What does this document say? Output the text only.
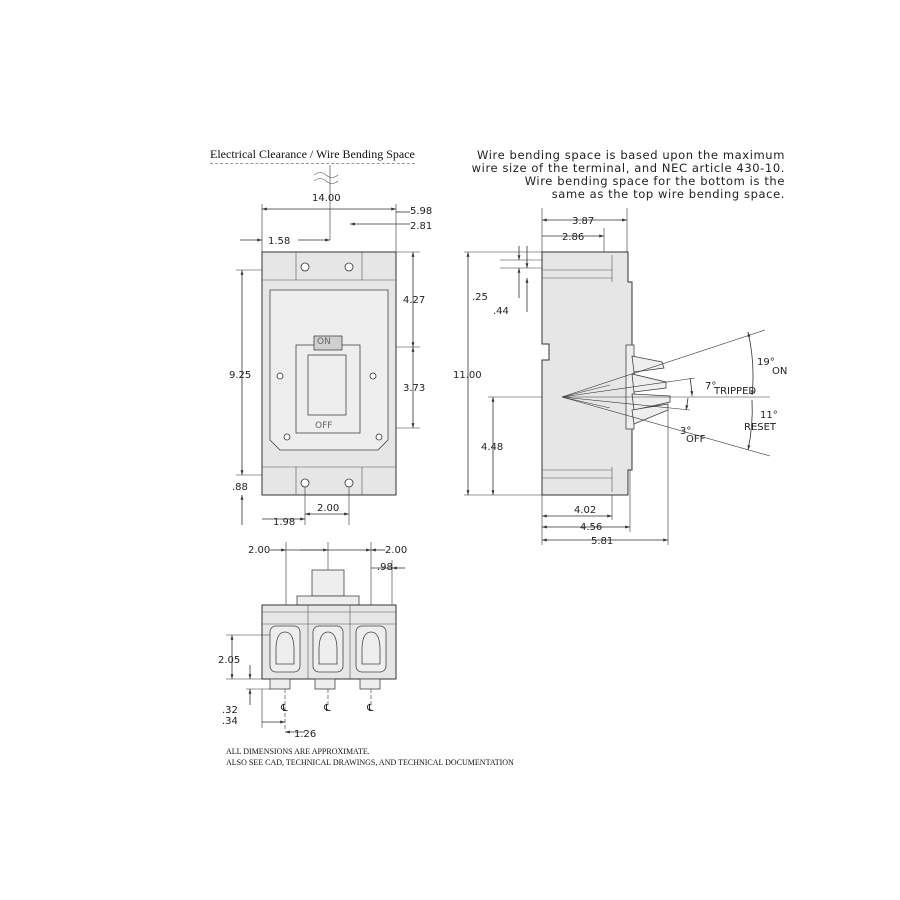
Electrical Clearance / Wire Bending Space	Wire bending space is based upon the maximum
wire size of the terminal, and NEC article 430-10.
Wire bending space for the bottom is the
same as the top wire bending space.
ALL DIMENSIONS ARE APPROXIMATE.
ALSO SEE CAD, TECHNICAL DRAWINGS, AND TECHNICAL DOCUMENTATION
14.00
5.98
2.81
1.58
ON
OFF
9.25
.88
4.27
3.73
1.98
2.00
3.87
2.86
19°
ON
7°
TRIPPED
11°
RESET
3°
OFF
11.00
4.48
.25
.44
4.02
4.56
5.81
2.00	2.00
.98
2.05
.32
.34
℄	℄	℄
1.26
